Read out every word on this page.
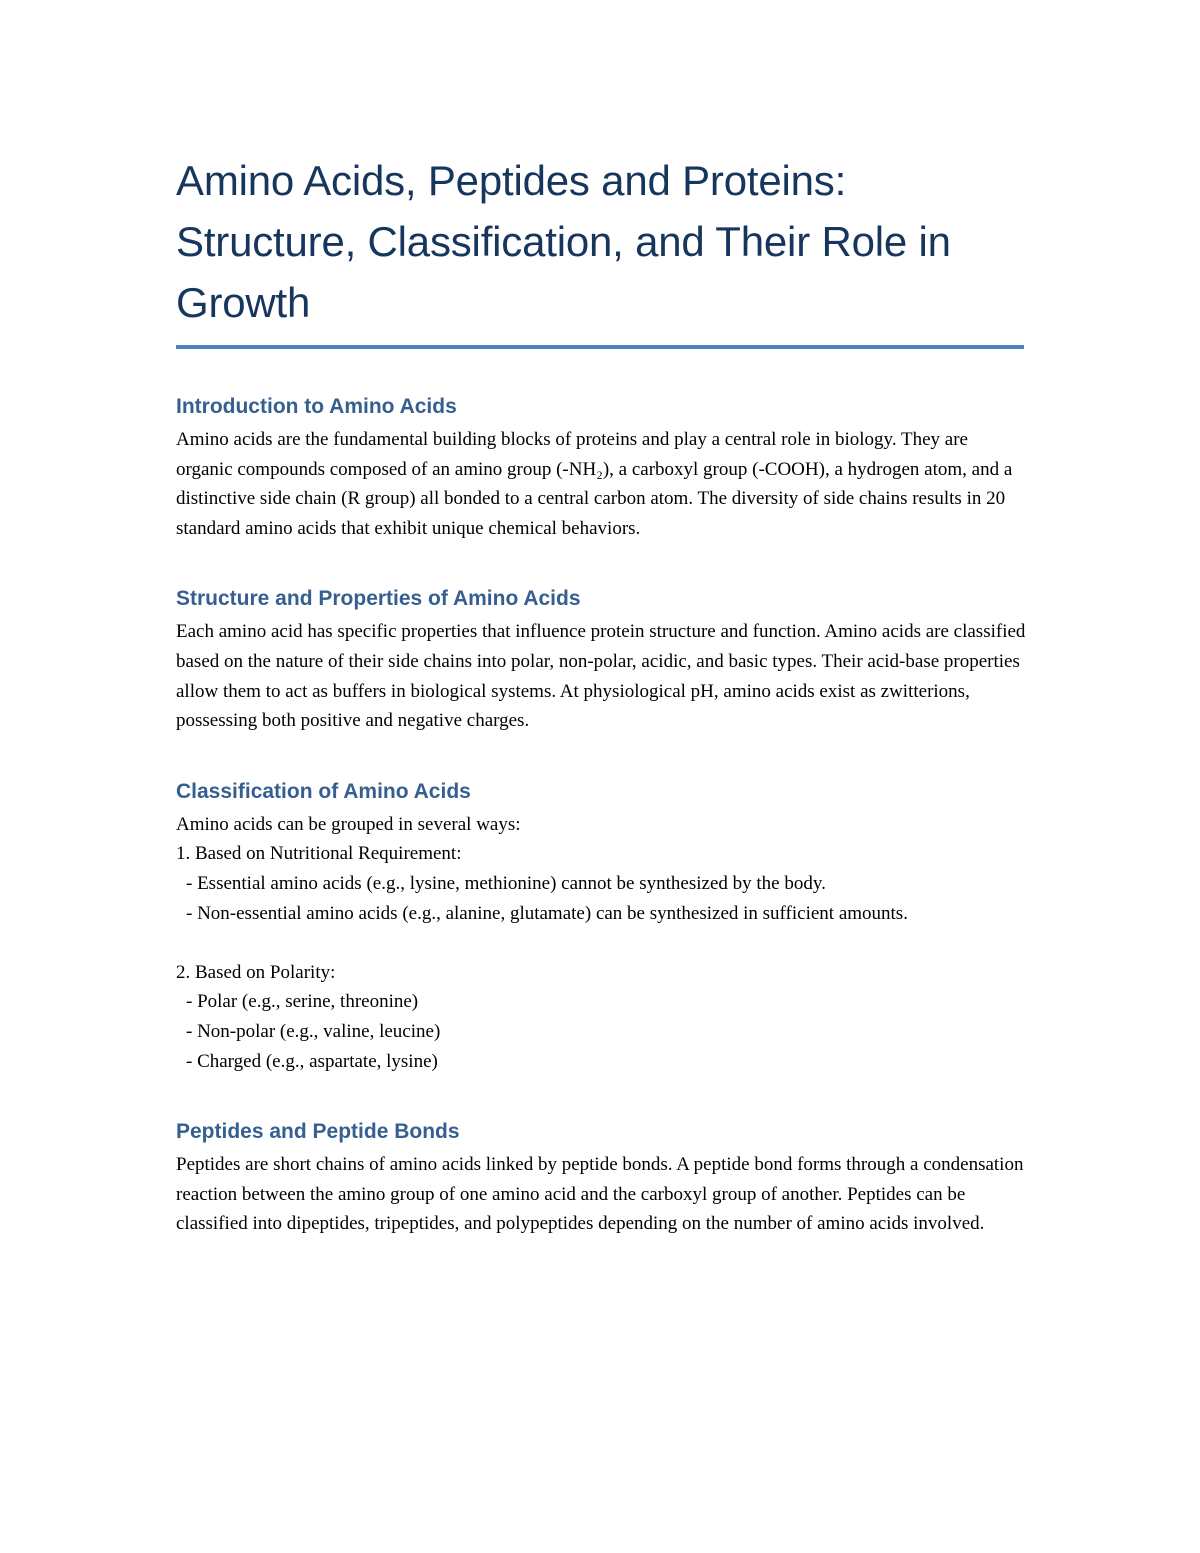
Amino Acids, Peptides and Proteins: Structure, Classification, and Their Role in Growth
Introduction to Amino Acids

Amino acids are the fundamental building blocks of proteins and play a central role in biology. They are organic compounds composed of an amino group (-NH₂), a carboxyl group (-COOH), a hydrogen atom, and a distinctive side chain (R group) all bonded to a central carbon atom. The diversity of side chains results in 20 standard amino acids that exhibit unique chemical behaviors.

Structure and Properties of Amino Acids

Each amino acid has specific properties that influence protein structure and function. Amino acids are classified based on the nature of their side chains into polar, non-polar, acidic, and basic types. Their acid-base properties allow them to act as buffers in biological systems. At physiological pH, amino acids exist as zwitterions, possessing both positive and negative charges.

Classification of Amino Acids

Amino acids can be grouped in several ways:

1. Based on Nutritional Requirement:

- Essential amino acids (e.g., lysine, methionine) cannot be synthesized by the body.

- Non-essential amino acids (e.g., alanine, glutamate) can be synthesized in sufficient amounts.

2. Based on Polarity:

- Polar (e.g., serine, threonine)

- Non-polar (e.g., valine, leucine)

- Charged (e.g., aspartate, lysine)

Peptides and Peptide Bonds

Peptides are short chains of amino acids linked by peptide bonds. A peptide bond forms through a condensation reaction between the amino group of one amino acid and the carboxyl group of another. Peptides can be classified into dipeptides, tripeptides, and polypeptides depending on the number of amino acids involved.
